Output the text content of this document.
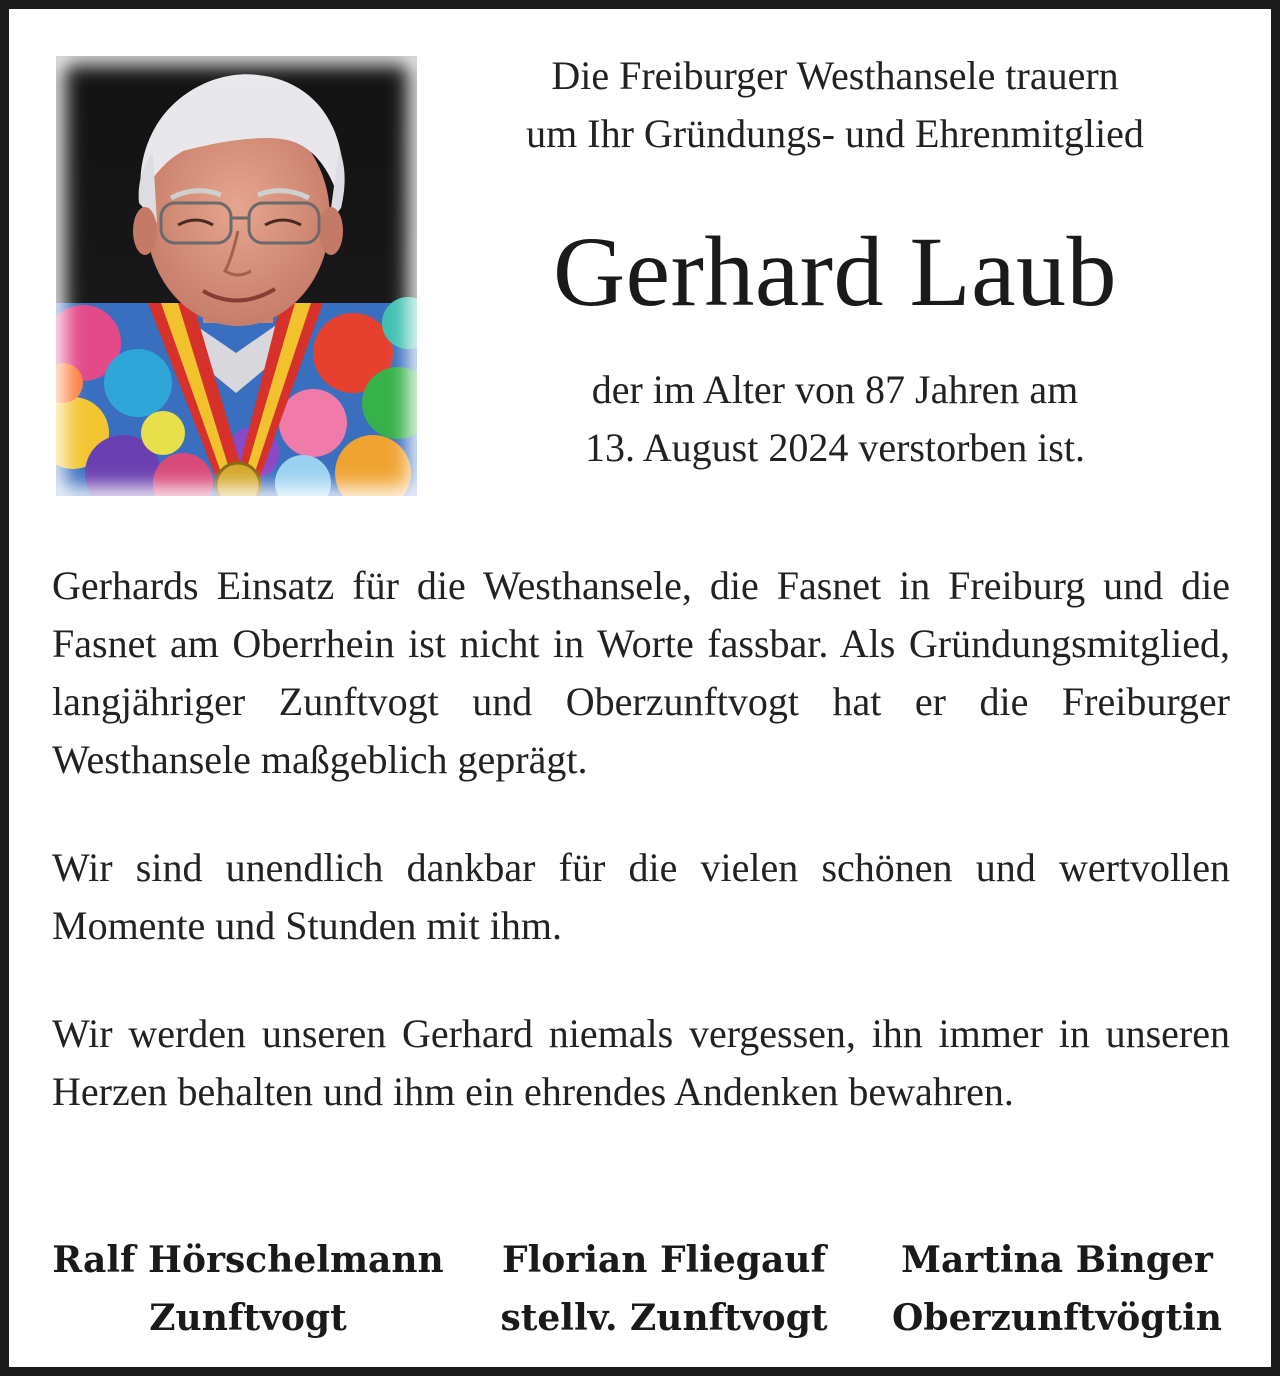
Die Freiburger Westhansele trauern
um Ihr Gründungs- und Ehrenmitglied
Gerhard Laub
der im Alter von 87 Jahren am
13. August 2024 verstorben ist.

Gerhards Einsatz für die Westhansele, die Fasnet in Freiburg und die Fasnet am Oberrhein ist nicht in Worte fassbar. Als Gründungsmitglied, langjähriger Zunftvogt und Oberzunftvogt hat er die Freiburger Westhansele maßgeblich geprägt.

Wir sind unendlich dankbar für die vielen schönen und wertvollen Momente und Stunden mit ihm.

Wir werden unseren Gerhard niemals vergessen, ihn immer in unseren Herzen behalten und ihm ein ehrendes Andenken bewahren.

Ralf Hörschelmann
Zunftvogt
Florian Fliegauf
stellv. Zunftvogt
Martina Binger
Oberzunftvögtin
